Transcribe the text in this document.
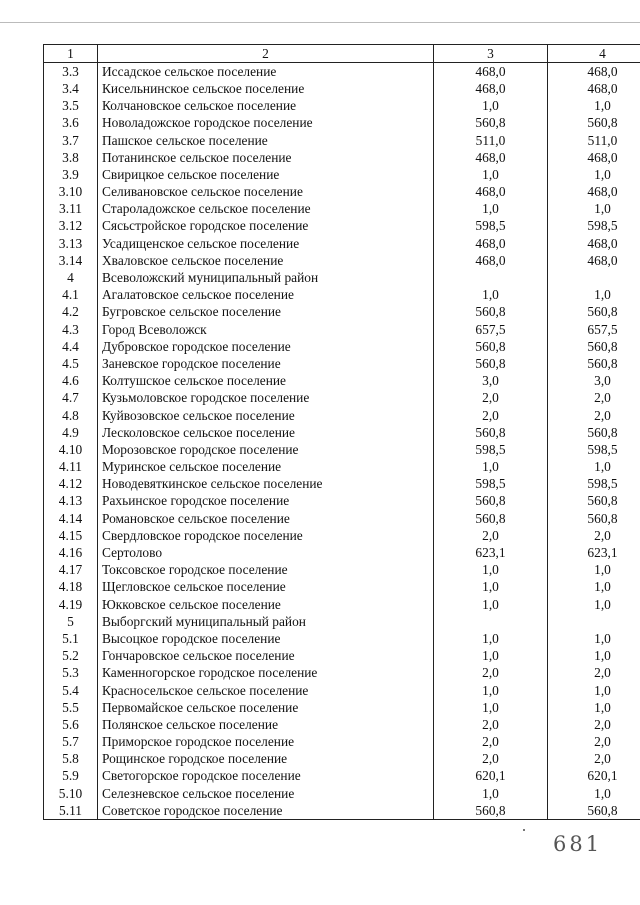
1	2	3	4
3.3	Иссадское сельское поселение	468,0	468,0
3.4	Кисельнинское сельское поселение	468,0	468,0
3.5	Колчановское сельское поселение	1,0	1,0
3.6	Новоладожское городское поселение	560,8	560,8
3.7	Пашское сельское поселение	511,0	511,0
3.8	Потанинское сельское поселение	468,0	468,0
3.9	Свирицкое сельское поселение	1,0	1,0
3.10	Селивановское сельское поселение	468,0	468,0
3.11	Староладожское сельское поселение	1,0	1,0
3.12	Сясьстройское городское поселение	598,5	598,5
3.13	Усадищенское сельское поселение	468,0	468,0
3.14	Хваловское сельское поселение	468,0	468,0
4	Всеволожский муниципальный район		
4.1	Агалатовское сельское поселение	1,0	1,0
4.2	Бугровское сельское поселение	560,8	560,8
4.3	Город Всеволожск	657,5	657,5
4.4	Дубровское городское поселение	560,8	560,8
4.5	Заневское городское поселение	560,8	560,8
4.6	Колтушское сельское поселение	3,0	3,0
4.7	Кузьмоловское городское поселение	2,0	2,0
4.8	Куйвозовское сельское поселение	2,0	2,0
4.9	Лесколовское сельское поселение	560,8	560,8
4.10	Морозовское городское поселение	598,5	598,5
4.11	Муринское сельское поселение	1,0	1,0
4.12	Новодевяткинское сельское поселение	598,5	598,5
4.13	Рахьинское городское поселение	560,8	560,8
4.14	Романовское сельское поселение	560,8	560,8
4.15	Свердловское городское поселение	2,0	2,0
4.16	Сертолово	623,1	623,1
4.17	Токсовское городское поселение	1,0	1,0
4.18	Щегловское сельское поселение	1,0	1,0
4.19	Юкковское сельское поселение	1,0	1,0
5	Выборгский муниципальный район		
5.1	Высоцкое городское поселение	1,0	1,0
5.2	Гончаровское сельское поселение	1,0	1,0
5.3	Каменногорское городское поселение	2,0	2,0
5.4	Красносельское сельское поселение	1,0	1,0
5.5	Первомайское сельское поселение	1,0	1,0
5.6	Полянское сельское поселение	2,0	2,0
5.7	Приморское городское поселение	2,0	2,0
5.8	Рощинское городское поселение	2,0	2,0
5.9	Светогорское городское поселение	620,1	620,1
5.10	Селезневское сельское поселение	1,0	1,0
5.11	Советское городское поселение	560,8	560,8
681
